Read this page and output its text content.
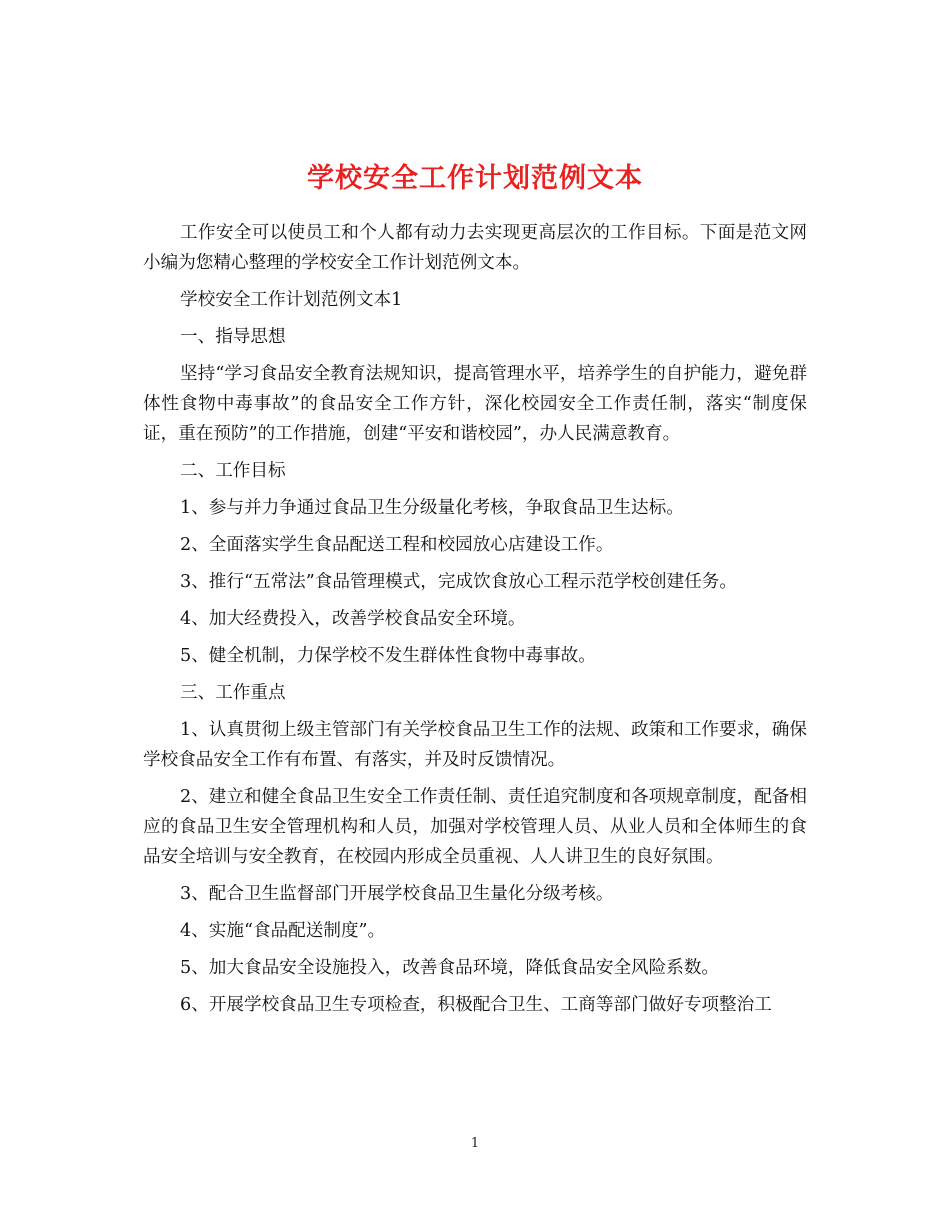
学校安全工作计划范例文本

工作安全可以使员工和个人都有动力去实现更高层次的工作目标。下面是范文网小编为您精心整理的学校安全工作计划范例文本。

学校安全工作计划范例文本1

一、指导思想

坚持“学习食品安全教育法规知识，提高管理水平，培养学生的自护能力，避免群体性食物中毒事故”的食品安全工作方针，深化校园安全工作责任制，落实“制度保证，重在预防”的工作措施，创建“平安和谐校园”，办人民满意教育。

二、工作目标

1、参与并力争通过食品卫生分级量化考核，争取食品卫生达标。

2、全面落实学生食品配送工程和校园放心店建设工作。

3、推行“五常法”食品管理模式，完成饮食放心工程示范学校创建任务。

4、加大经费投入，改善学校食品安全环境。

5、健全机制，力保学校不发生群体性食物中毒事故。

三、工作重点

1、认真贯彻上级主管部门有关学校食品卫生工作的法规、政策和工作要求，确保学校食品安全工作有布置、有落实，并及时反馈情况。

2、建立和健全食品卫生安全工作责任制、责任追究制度和各项规章制度，配备相应的食品卫生安全管理机构和人员，加强对学校管理人员、从业人员和全体师生的食品安全培训与安全教育，在校园内形成全员重视、人人讲卫生的良好氛围。

3、配合卫生监督部门开展学校食品卫生量化分级考核。

4、实施“食品配送制度”。

5、加大食品安全设施投入，改善食品环境，降低食品安全风险系数。

6、开展学校食品卫生专项检查，积极配合卫生、工商等部门做好专项整治工

1
